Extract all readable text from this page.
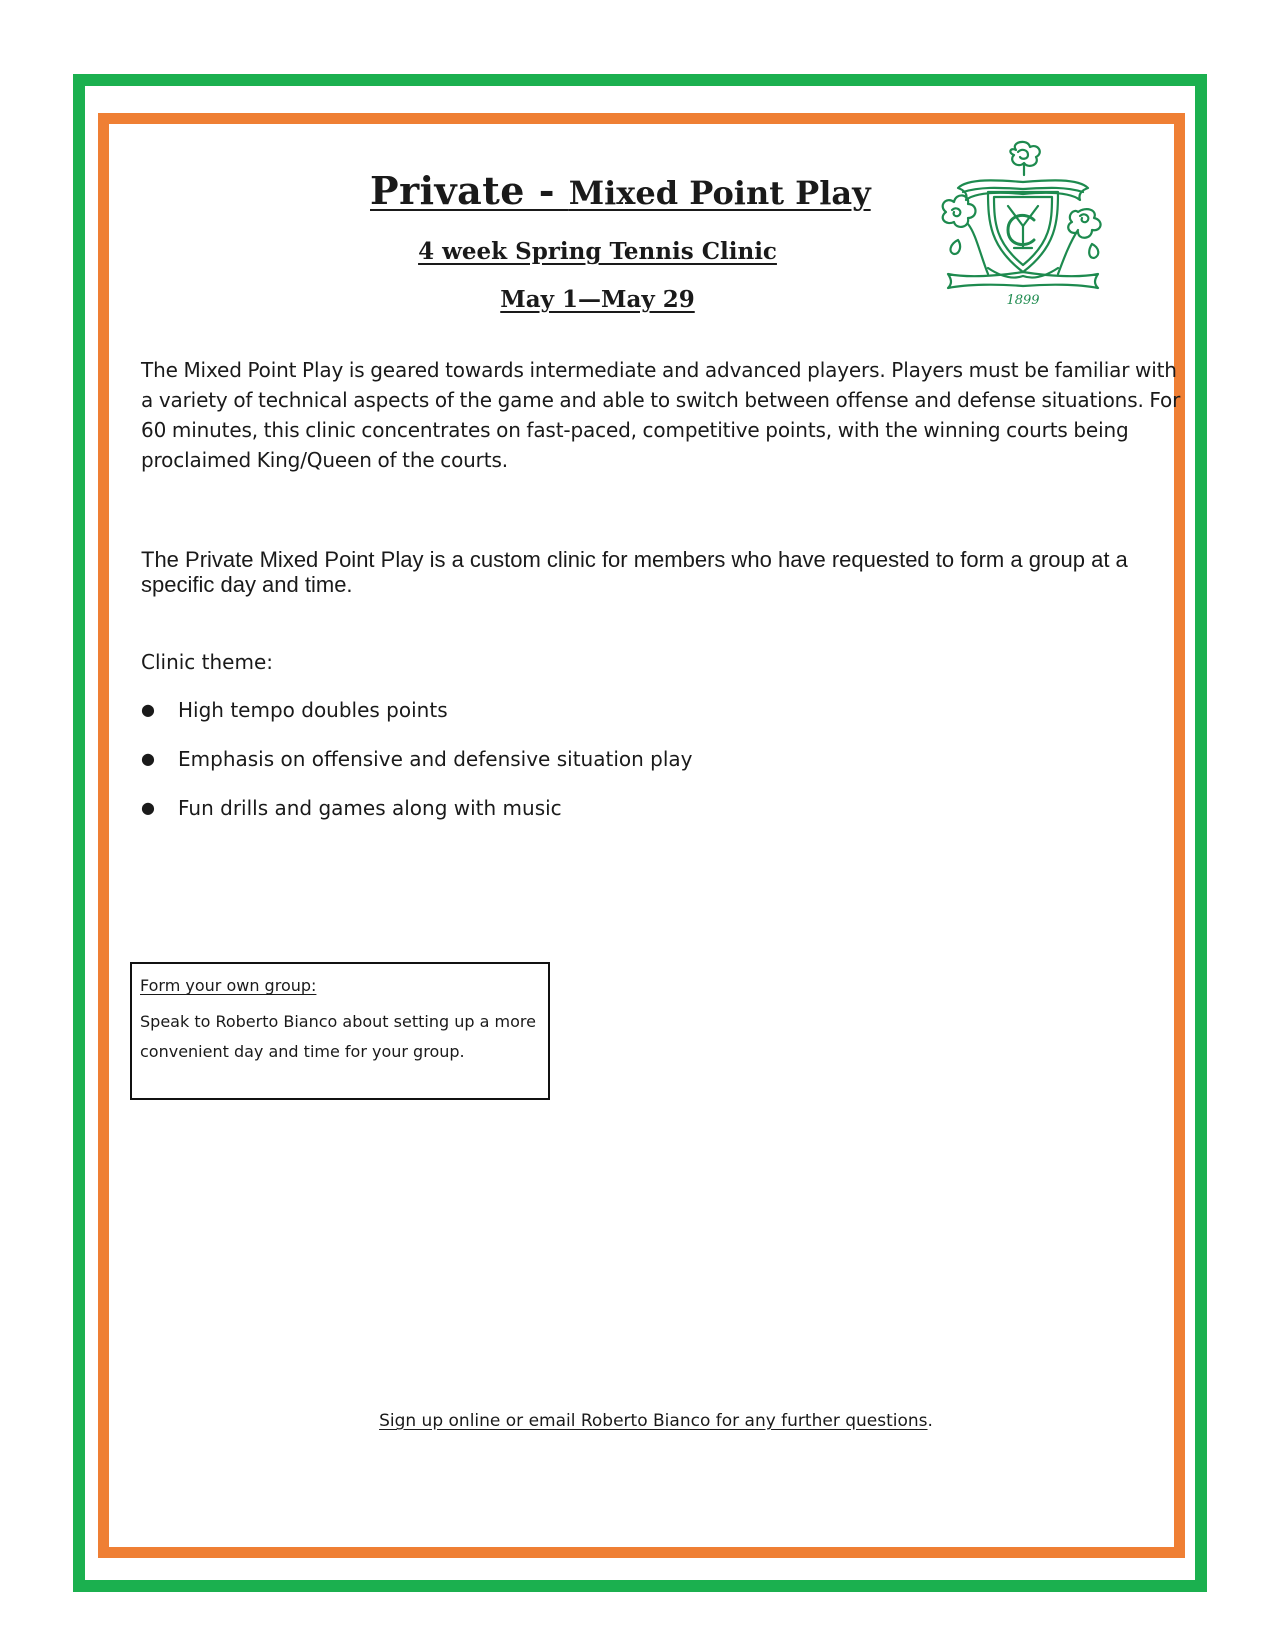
Private - Mixed Point Play

4 week Spring Tennis Clinic

May 1—May 29	1899

The Mixed Point Play is geared towards intermediate and advanced players. Players must be familiar with a variety of technical aspects of the game and able to switch between offense and defense situations. For 60 minutes, this clinic concentrates on fast-paced, competitive points, with the winning courts being proclaimed King/Queen of the courts.

The Private Mixed Point Play is a custom clinic for members who have requested to form a group at a specific day and time.

Clinic theme:

●	High tempo doubles points
●	Emphasis on offensive and defensive situation play
●	Fun drills and games along with music

Form your own group:

Speak to Roberto Bianco about setting up a more convenient day and time for your group.

Sign up online or email Roberto Bianco for any further questions.
